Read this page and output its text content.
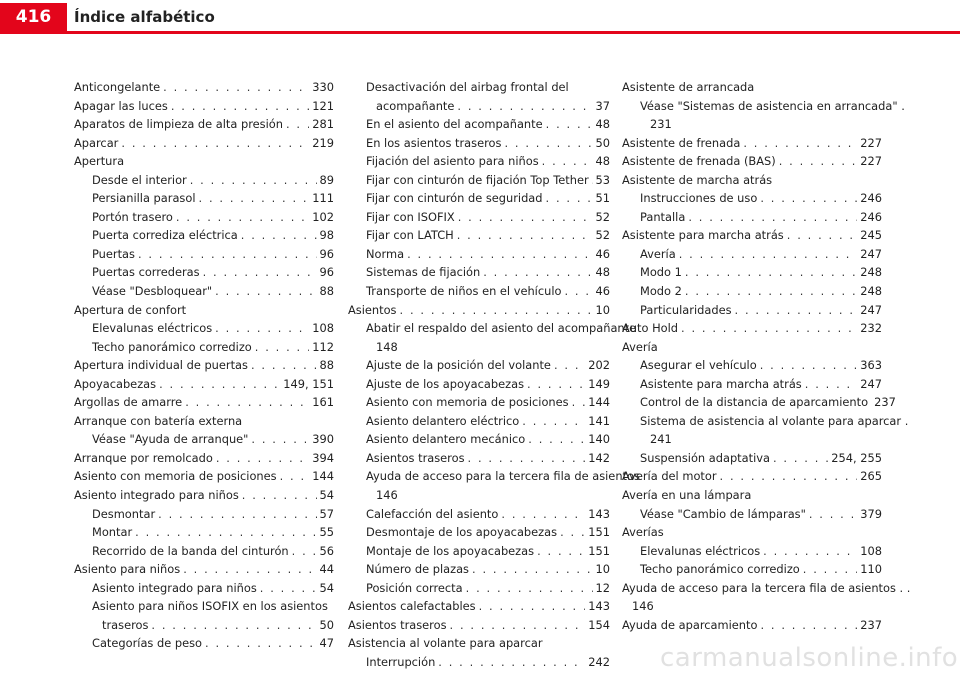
416	Índice alfabético
Anticongelante . . .	330
Apagar las luces . . .	121
Aparatos de limpieza de alta presión . . .	281
Aparcar . . .	219
Apertura
Desde el interior . . .	89
Persianilla parasol . . .	111
Portón trasero . . .	102
Puerta corrediza eléctrica . . .	98
Puertas . . .	96
Puertas correderas . . .	96
Véase "Desbloquear" . . .	88
Apertura de confort
Elevalunas eléctricos . . .	108
Techo panorámico corredizo . . .	112
Apertura individual de puertas . . .	88
Apoyacabezas . . .	149, 151
Argollas de amarre . . .	161
Arranque con batería externa
Véase "Ayuda de arranque" . . .	390
Arranque por remolcado . . .	394
Asiento con memoria de posiciones . . .	144
Asiento integrado para niños . . .	54
Desmontar . . .	57
Montar . . .	55
Recorrido de la banda del cinturón . . .	56
Asiento para niños . . .	44
Asiento integrado para niños . . .	54
Asiento para niños ISOFIX en los asientos
traseros . . .	50
Categorías de peso . . .	47
Desactivación del airbag frontal del
acompañante . . .	37
En el asiento del acompañante . . .	48
En los asientos traseros . . .	50
Fijación del asiento para niños . . .	48
Fijar con cinturón de fijación Top Tether . . . 53
Fijar con cinturón de seguridad . . .	51
Fijar con ISOFIX . . .	52
Fijar con LATCH . . .	52
Norma . . .	46
Sistemas de fijación . . .	48
Transporte de niños en el vehículo . . .	46
Asientos . . .	10
Abatir el respaldo del asiento del acompañante
148
Ajuste de la posición del volante . . .	202
Ajuste de los apoyacabezas . . .	149
Asiento con memoria de posiciones . . . 144
Asiento delantero eléctrico . . .	141
Asiento delantero mecánico . . .	140
Asientos traseros . . .	142
Ayuda de acceso para la tercera fila de asientos
146
Calefacción del asiento . . .	143
Desmontaje de los apoyacabezas . . .	151
Montaje de los apoyacabezas . . .	151
Número de plazas . . .	10
Posición correcta . . .	12
Asientos calefactables . . .	143
Asientos traseros . . .	154
Asistencia al volante para aparcar
Interrupción . . .	242
Asistente de arrancada
Véase "Sistemas de asistencia en arrancada" .
231
Asistente de frenada . . .	227
Asistente de frenada (BAS) . . .	227
Asistente de marcha atrás
Instrucciones de uso . . .	246
Pantalla . . .	246
Asistente para marcha atrás . . .	245
Avería . . .	247
Modo 1 . . .	248
Modo 2 . . .	248
Particularidades . . .	247
Auto Hold . . .	232
Avería
Asegurar el vehículo . . .	363
Asistente para marcha atrás . . .	247
Control de la distancia de aparcamiento 237
Sistema de asistencia al volante para aparcar .
241
Suspensión adaptativa . . .	254, 255
Avería del motor . . .	265
Avería en una lámpara
Véase "Cambio de lámparas" . . .	379
Averías
Elevalunas eléctricos . . .	108
Techo panorámico corredizo . . .	110
Ayuda de acceso para la tercera fila de asientos . .
146
Ayuda de aparcamiento . . .	237
carmanualsonline.info
